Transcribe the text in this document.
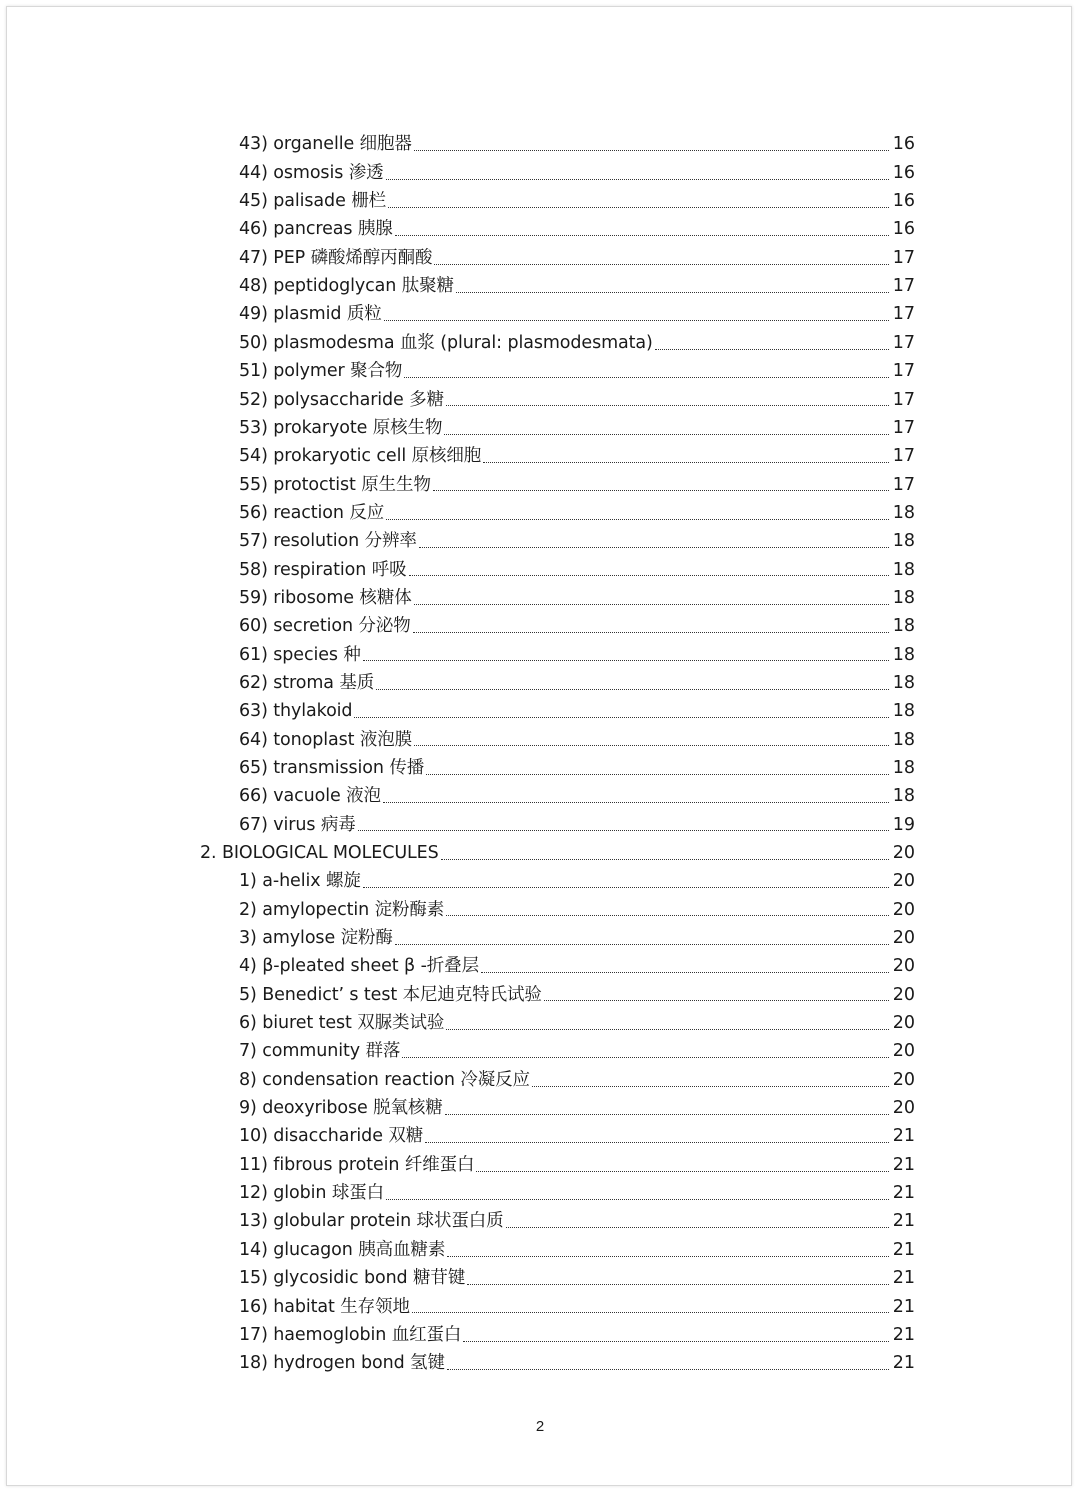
43) organelle 细胞器	16
44) osmosis 渗透	16
45) palisade 栅栏	16
46) pancreas 胰腺	16
47) PEP 磷酸烯醇丙酮酸	17
48) peptidoglycan 肽聚糖	17
49) plasmid 质粒	17
50) plasmodesma 血浆 (plural: plasmodesmata)	17
51) polymer 聚合物	17
52) polysaccharide 多糖	17
53) prokaryote 原核生物	17
54) prokaryotic cell 原核细胞	17
55) protoctist 原生生物	17
56) reaction 反应	18
57) resolution 分辨率	18
58) respiration 呼吸	18
59) ribosome 核糖体	18
60) secretion 分泌物	18
61) species 种	18
62) stroma 基质	18
63) thylakoid	18
64) tonoplast 液泡膜	18
65) transmission 传播	18
66) vacuole 液泡	18
67) virus 病毒	19
2. BIOLOGICAL MOLECULES	20
1) a-helix 螺旋	20
2) amylopectin 淀粉酶素	20
3) amylose 淀粉酶	20
4) β-pleated sheet β -折叠层	20
5) Benedict’ s test 本尼迪克特氏试验	20
6) biuret test 双脲类试验	20
7) community 群落	20
8) condensation reaction 冷凝反应	20
9) deoxyribose 脱氧核糖	20
10) disaccharide 双糖	21
11) fibrous protein 纤维蛋白	21
12) globin 球蛋白	21
13) globular protein 球状蛋白质	21
14) glucagon 胰高血糖素	21
15) glycosidic bond 糖苷键	21
16) habitat 生存领地	21
17) haemoglobin 血红蛋白	21
18) hydrogen bond 氢键	21
2
